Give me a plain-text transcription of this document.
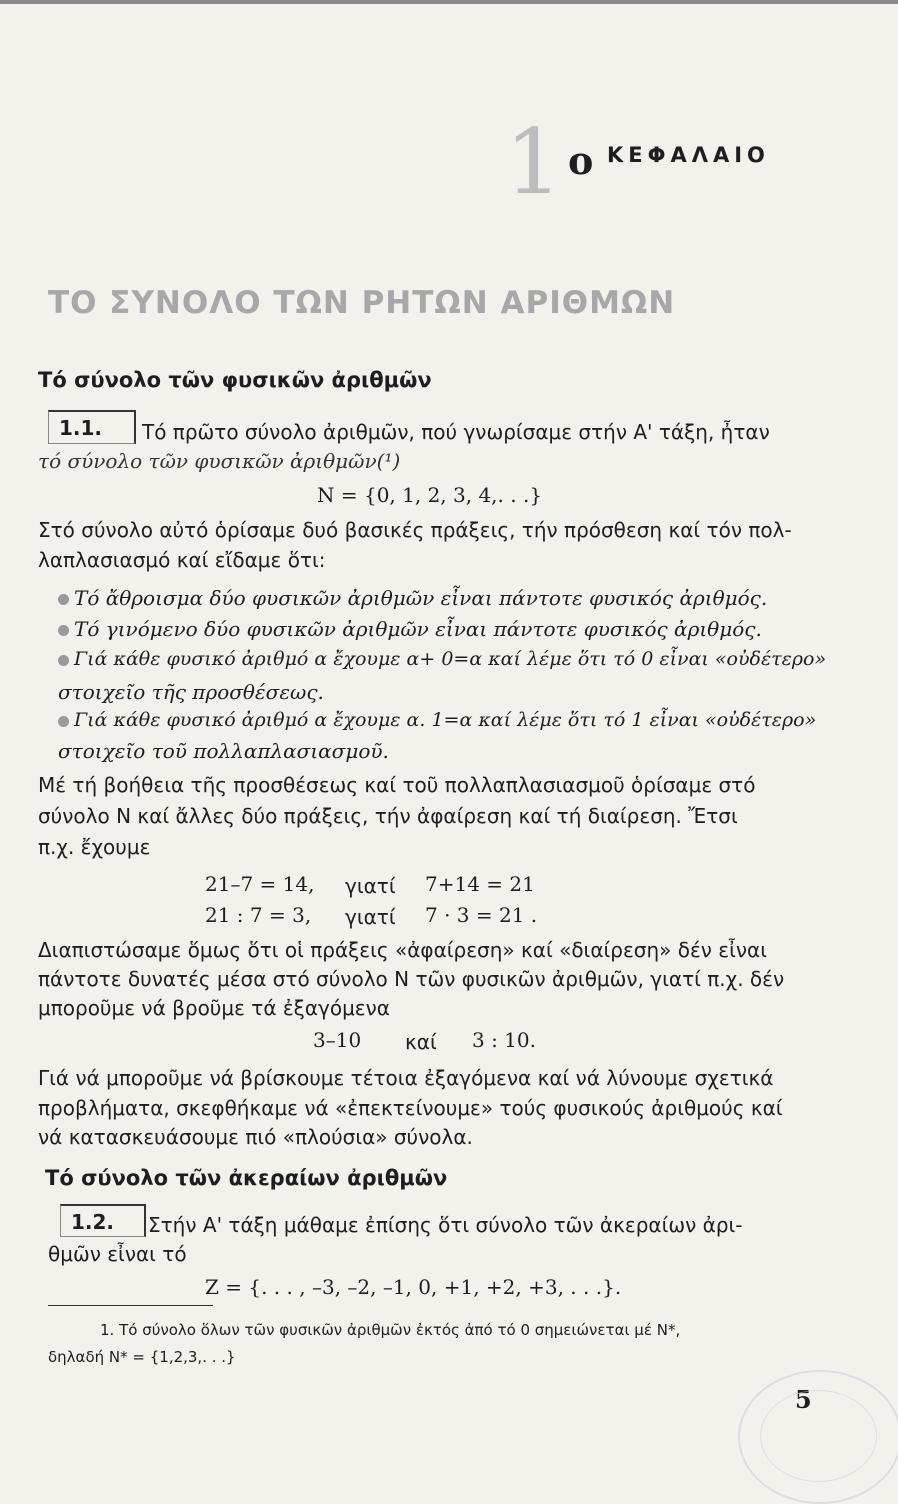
1 ο ΚΕΦΑΛΑΙΟ
ΤΟ ΣΥΝΟΛΟ ΤΩΝ ΡΗΤΩΝ ΑΡΙΘΜΩΝ
Τό σύνολο τῶν φυσικῶν ἀριθμῶν
1.1.	Τό πρῶτο σύνολο ἀριθμῶν, πού γνωρίσαμε στήν Α' τάξη, ἦταν
τό σύνολο τῶν φυσικῶν ἀριθμῶν(¹)
N = {0, 1, 2, 3, 4,. . .}
Στό σύνολο αὐτό ὁρίσαμε δυό βασικές πράξεις, τήν πρόσθεση καί τόν πολ-
λαπλασιασμό καί εἴδαμε ὅτι:
Τό ἄθροισμα δύο φυσικῶν ἀριθμῶν εἶναι πάντοτε φυσικός ἀριθμός.
Τό γινόμενο δύο φυσικῶν ἀριθμῶν εἶναι πάντοτε φυσικός ἀριθμός.
Γιά κάθε φυσικό ἀριθμό α ἔχουμε α+ 0=α καί λέμε ὅτι τό 0 εἶναι «οὐδέτερο»
στοιχεῖο τῆς προσθέσεως.
Γιά κάθε φυσικό ἀριθμό α ἔχουμε α. 1=α καί λέμε ὅτι τό 1 εἶναι «οὐδέτερο»
στοιχεῖο τοῦ πολλαπλασιασμοῦ.
Μέ τή βοήθεια τῆς προσθέσεως καί τοῦ πολλαπλασιασμοῦ ὁρίσαμε στό
σύνολο N καί ἄλλες δύο πράξεις, τήν ἀφαίρεση καί τή διαίρεση. Ἔτσι
π.χ. ἔχουμε
21–7 = 14, γιατί 7+14 = 21
21 : 7 = 3, γιατί 7 · 3 = 21 .
Διαπιστώσαμε ὅμως ὅτι οἱ πράξεις «ἀφαίρεση» καί «διαίρεση» δέν εἶναι
πάντοτε δυνατές μέσα στό σύνολο N τῶν φυσικῶν ἀριθμῶν, γιατί π.χ. δέν
μποροῦμε νά βροῦμε τά ἐξαγόμενα
3–10 καί 3 : 10.
Γιά νά μποροῦμε νά βρίσκουμε τέτοια ἐξαγόμενα καί νά λύνουμε σχετικά
προβλήματα, σκεφθήκαμε νά «ἐπεκτείνουμε» τούς φυσικούς ἀριθμούς καί
νά κατασκευάσουμε πιό «πλούσια» σύνολα.
Τό σύνολο τῶν ἀκεραίων ἀριθμῶν
1.2.	Στήν Α' τάξη μάθαμε ἐπίσης ὅτι σύνολο τῶν ἀκεραίων ἀρι-
θμῶν εἶναι τό
Z = {. . . , –3, –2, –1, 0, +1, +2, +3, . . .}.
1. Τό σύνολο ὅλων τῶν φυσικῶν ἀριθμῶν ἐκτός ἀπό τό 0 σημειώνεται μέ N*,
δηλαδή N* = {1,2,3,. . .}
5
